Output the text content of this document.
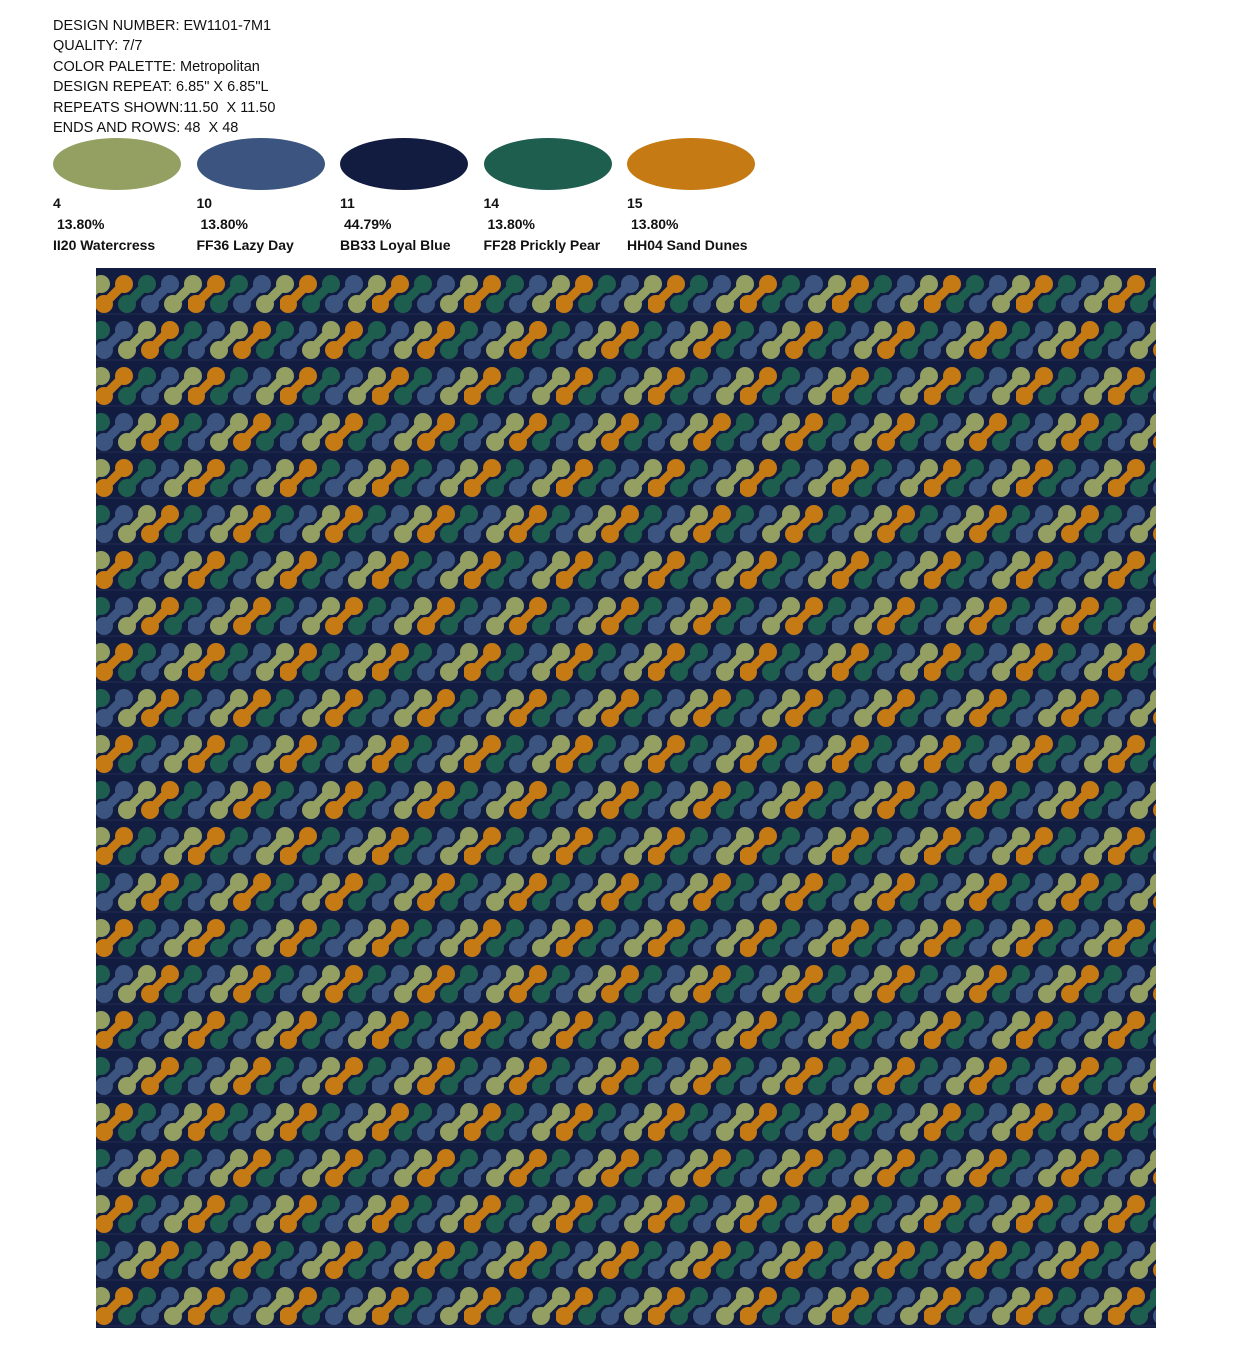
DESIGN NUMBER: EW1101-7M1
QUALITY: 7/7
COLOR PALETTE: Metropolitan
DESIGN REPEAT: 6.85" X 6.85"L
REPEATS SHOWN:11.50  X 11.50
ENDS AND ROWS: 48  X 48
4
13.80%
II20 Watercress
10
13.80%
FF36 Lazy Day
11
44.79%
BB33 Loyal Blue
14
13.80%
FF28 Prickly Pear
15
13.80%
HH04 Sand Dunes
